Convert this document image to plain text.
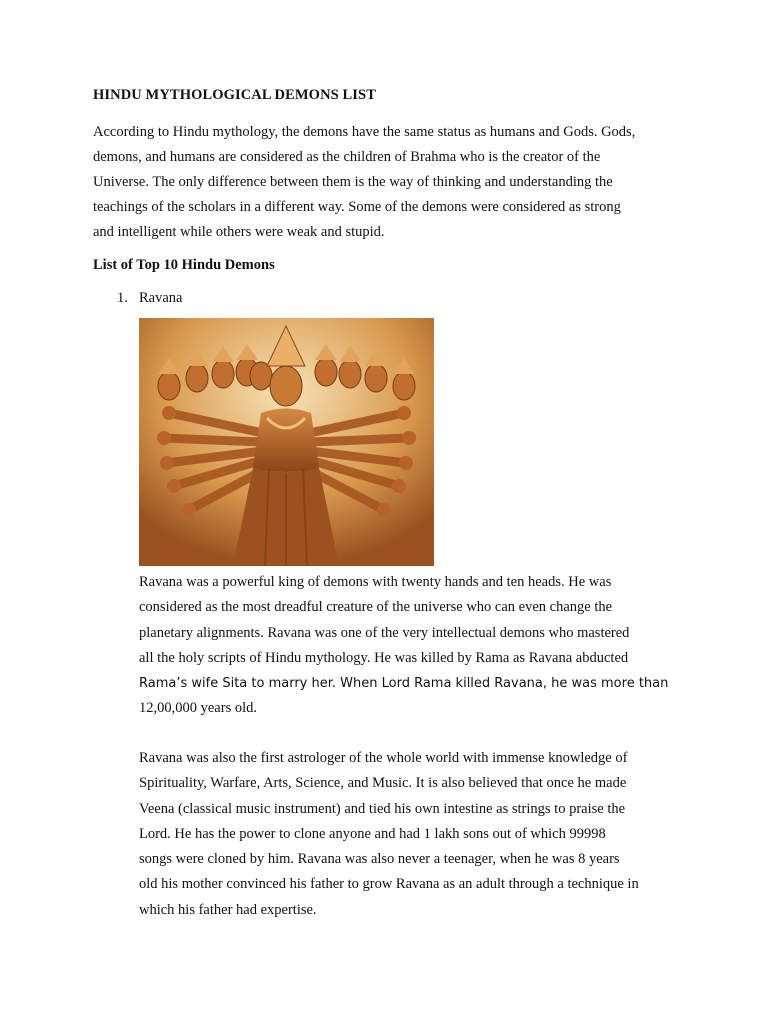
HINDU MYTHOLOGICAL DEMONS LIST
According to Hindu mythology, the demons have the same status as humans and Gods. Gods,
demons, and humans are considered as the children of Brahma who is the creator of the
Universe. The only difference between them is the way of thinking and understanding the
teachings of the scholars in a different way. Some of the demons were considered as strong
and intelligent while others were weak and stupid.
List of Top 10 Hindu Demons
1. Ravana
Ravana was a powerful king of demons with twenty hands and ten heads. He was
considered as the most dreadful creature of the universe who can even change the
planetary alignments. Ravana was one of the very intellectual demons who mastered
all the holy scripts of Hindu mythology. He was killed by Rama as Ravana abducted
Rama’s wife Sita to marry her. When Lord Rama killed Ravana, he was more than
12,00,000 years old.
Ravana was also the first astrologer of the whole world with immense knowledge of
Spirituality, Warfare, Arts, Science, and Music. It is also believed that once he made
Veena (classical music instrument) and tied his own intestine as strings to praise the
Lord. He has the power to clone anyone and had 1 lakh sons out of which 99998
songs were cloned by him. Ravana was also never a teenager, when he was 8 years
old his mother convinced his father to grow Ravana as an adult through a technique in
which his father had expertise.
